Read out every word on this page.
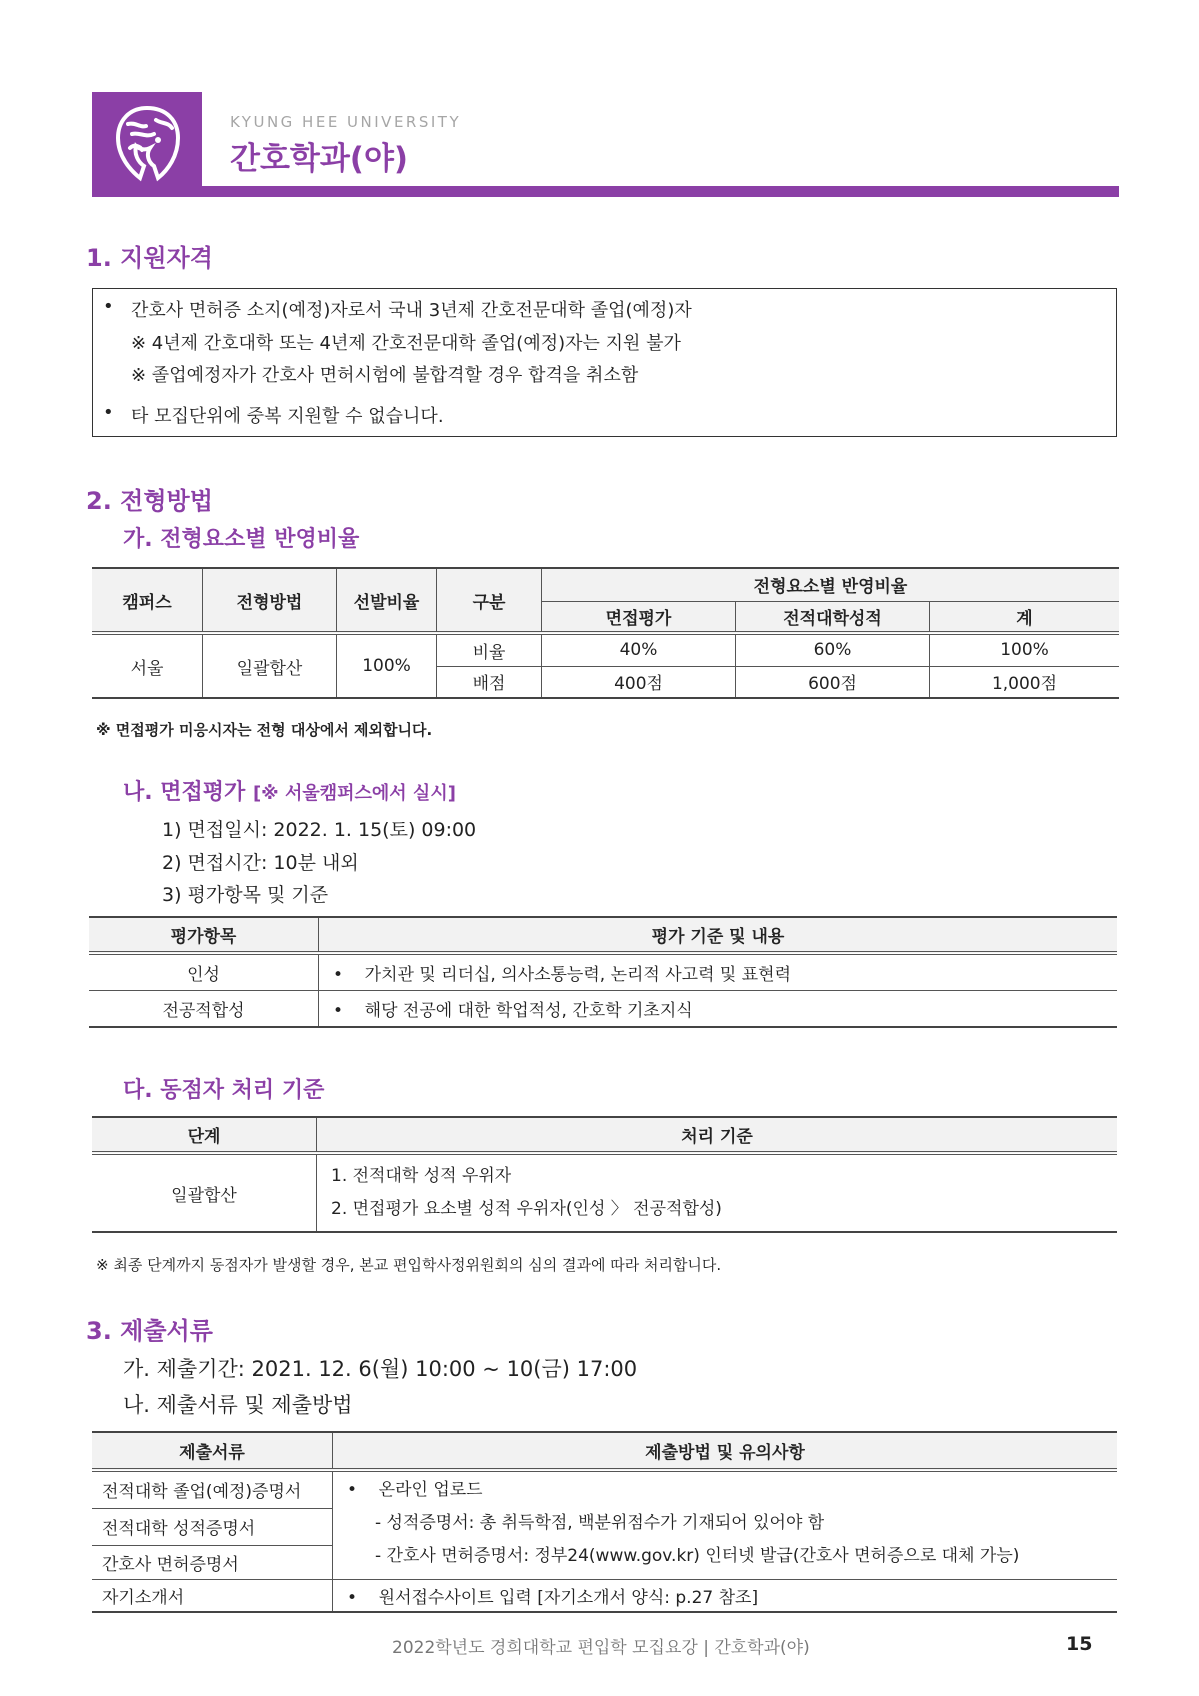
KYUNG HEE UNIVERSITY
간호학과(야)
1. 지원자격
• 간호사 면허증 소지(예정)자로서 국내 3년제 간호전문대학 졸업(예정)자
※ 4년제 간호대학 또는 4년제 간호전문대학 졸업(예정)자는 지원 불가
※ 졸업예정자가 간호사 면허시험에 불합격할 경우 합격을 취소함
• 타 모집단위에 중복 지원할 수 없습니다.
2. 전형방법
가. 전형요소별 반영비율
캠퍼스	전형방법	선발비율	구분	전형요소별 반영비율		
				면접평가	전적대학성적	계
서울	일괄합산	100%	비율	40%	60%	100%
			배점	400점	600점	1,000점
※ 면접평가 미응시자는 전형 대상에서 제외합니다.
나. 면접평가 [※ 서울캠퍼스에서 실시]
1) 면접일시: 2022. 1. 15(토) 09:00
2) 면접시간: 10분 내외
3) 평가항목 및 기준
평가항목	평가 기준 및 내용
인성	•    가치관 및 리더십, 의사소통능력, 논리적 사고력 및 표현력
전공적합성	•    해당 전공에 대한 학업적성, 간호학 기초지식
다. 동점자 처리 기준
단계	처리 기준
일괄합산	1. 전적대학 성적 우위자
2. 면접평가 요소별 성적 우위자(인성 〉 전공적합성)
※ 최종 단계까지 동점자가 발생할 경우, 본교 편입학사정위원회의 심의 결과에 따라 처리합니다.
3. 제출서류
가. 제출기간: 2021. 12. 6(월) 10:00 ~ 10(금) 17:00
나. 제출서류 및 제출방법
제출서류	제출방법 및 유의사항
전적대학 졸업(예정)증명서	•    온라인 업로드
- 성적증명서: 총 취득학점, 백분위점수가 기재되어 있어야 함
- 간호사 면허증명서: 정부24(www.gov.kr) 인터넷 발급(간호사 면허증으로 대체 가능)

전적대학 성적증명서	
간호사 면허증명서	
자기소개서	•    원서접수사이트 입력 [자기소개서 양식: p.27 참조]
2022학년도 경희대학교 편입학 모집요강 | 간호학과(야)	15
